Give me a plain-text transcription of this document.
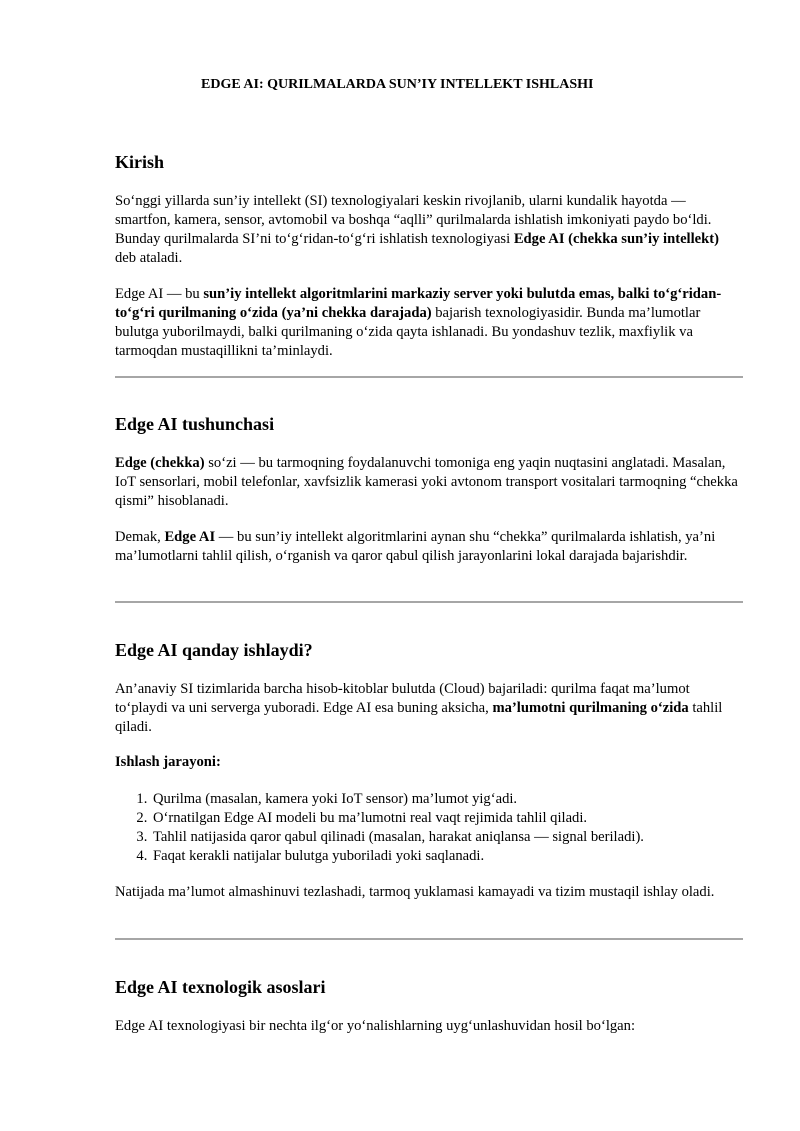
EDGE AI: QURILMALARDA SUN’IY INTELLEKT ISHLASHI
Kirish

So‘nggi yillarda sun’iy intellekt (SI) texnologiyalari keskin rivojlanib, ularni kundalik hayotda — smartfon, kamera, sensor, avtomobil va boshqa “aqlli” qurilmalarda ishlatish imkoniyati paydo bo‘ldi. Bunday qurilmalarda SI’ni to‘g‘ridan-to‘g‘ri ishlatish texnologiyasi Edge AI (chekka sun’iy intellekt) deb ataladi.

Edge AI — bu sun’iy intellekt algoritmlarini markaziy server yoki bulutda emas, balki to‘g‘ridan-to‘g‘ri qurilmaning o‘zida (ya’ni chekka darajada) bajarish texnologiyasidir. Bunda ma’lumotlar bulutga yuborilmaydi, balki qurilmaning o‘zida qayta ishlanadi. Bu yondashuv tezlik, maxfiylik va tarmoqdan mustaqillikni ta’minlaydi.

Edge AI tushunchasi

Edge (chekka) so‘zi — bu tarmoqning foydalanuvchi tomoniga eng yaqin nuqtasini anglatadi. Masalan, IoT sensorlari, mobil telefonlar, xavfsizlik kamerasi yoki avtonom transport vositalari tarmoqning “chekka qismi” hisoblanadi.

Demak, Edge AI — bu sun’iy intellekt algoritmlarini aynan shu “chekka” qurilmalarda ishlatish, ya’ni ma’lumotlarni tahlil qilish, o‘rganish va qaror qabul qilish jarayonlarini lokal darajada bajarishdir.

Edge AI qanday ishlaydi?

An’anaviy SI tizimlarida barcha hisob-kitoblar bulutda (Cloud) bajariladi: qurilma faqat ma’lumot to‘playdi va uni serverga yuboradi. Edge AI esa buning aksicha, ma’lumotni qurilmaning o‘zida tahlil qiladi.

Ishlash jarayoni:

1. Qurilma (masalan, kamera yoki IoT sensor) ma’lumot yig‘adi.
2. O‘rnatilgan Edge AI modeli bu ma’lumotni real vaqt rejimida tahlil qiladi.
3. Tahlil natijasida qaror qabul qilinadi (masalan, harakat aniqlansa — signal beriladi).
4. Faqat kerakli natijalar bulutga yuboriladi yoki saqlanadi.

Natijada ma’lumot almashinuvi tezlashadi, tarmoq yuklamasi kamayadi va tizim mustaqil ishlay oladi.

Edge AI texnologik asoslari

Edge AI texnologiyasi bir nechta ilg‘or yo‘nalishlarning uyg‘unlashuvidan hosil bo‘lgan:
